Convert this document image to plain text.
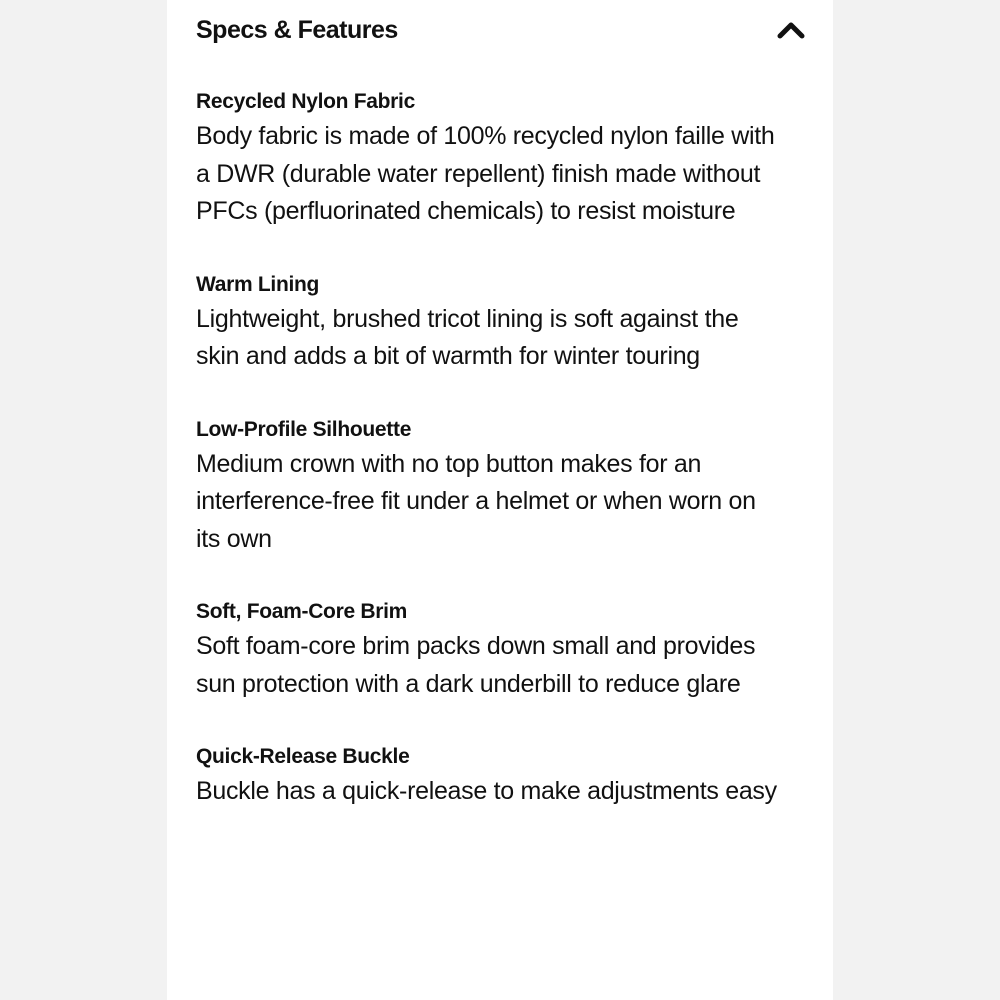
Specs & Features
Recycled Nylon Fabric
Body fabric is made of 100% recycled nylon faille with a DWR (durable water repellent) finish made without PFCs (perfluorinated chemicals) to resist moisture
Warm Lining
Lightweight, brushed tricot lining is soft against the skin and adds a bit of warmth for winter touring
Low-Profile Silhouette
Medium crown with no top button makes for an interference-free fit under a helmet or when worn on its own
Soft, Foam-Core Brim
Soft foam-core brim packs down small and provides sun protection with a dark underbill to reduce glare
Quick-Release Buckle
Buckle has a quick-release to make adjustments easy
